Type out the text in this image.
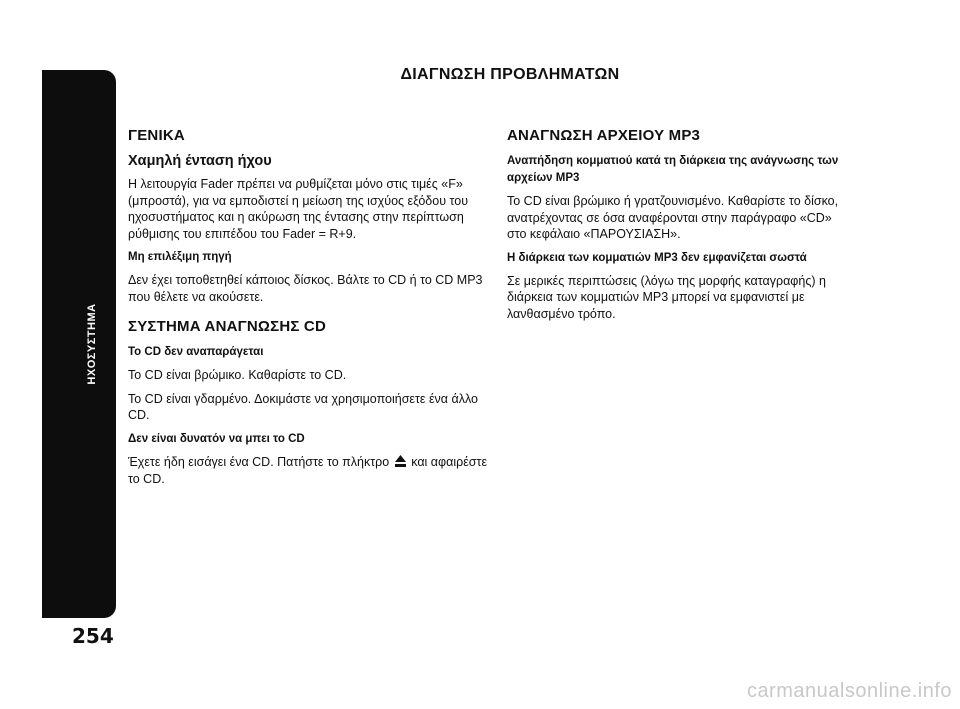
ΗΧΟΣΥΣΤΗΜΑ
254
ΔΙΑΓΝΩΣΗ ΠΡΟΒΛΗΜΑΤΩΝ
ΓΕΝΙΚΑ
Χαμηλή ένταση ήχου

Η λειτουργία Fader πρέπει να ρυθμίζεται μόνο στις τιμές «F» (μπροστά), για να εμποδιστεί η μείωση της ισχύος εξόδου του ηχοσυστήματος και η ακύρωση της έντασης στην περίπτωση ρύθμισης του επιπέδου του Fader = R+9.

Μη επιλέξιμη πηγή

Δεν έχει τοποθετηθεί κάποιος δίσκος. Βάλτε το CD ή το CD MP3 που θέλετε να ακούσετε.

ΣΥΣΤΗΜΑ ΑΝΑΓΝΩΣΗΣ CD
Το CD δεν αναπαράγεται

Το CD είναι βρώμικο. Καθαρίστε το CD.

Το CD είναι γδαρμένο. Δοκιμάστε να χρησιμοποιήσετε ένα άλλο CD.

Δεν είναι δυνατόν να μπει το CD

Έχετε ήδη εισάγει ένα CD. Πατήστε το πλήκτρο και αφαιρέστε το CD.

ΑΝΑΓΝΩΣΗ ΑΡΧΕΙΟΥ MP3
Αναπήδηση κομματιού κατά τη διάρκεια της ανάγνωσης των αρχείων MP3

Το CD είναι βρώμικο ή γρατζουνισμένο. Καθαρίστε το δίσκο, ανατρέχοντας σε όσα αναφέρονται στην παράγραφο «CD» στο κεφάλαιο «ΠΑΡΟΥΣΙΑΣΗ».

Η διάρκεια των κομματιών MP3 δεν εμφανίζεται σωστά

Σε μερικές περιπτώσεις (λόγω της μορφής καταγραφής) η διάρκεια των κομματιών MP3 μπορεί να εμφανιστεί με λανθασμένο τρόπο.

carmanualsonline.info
